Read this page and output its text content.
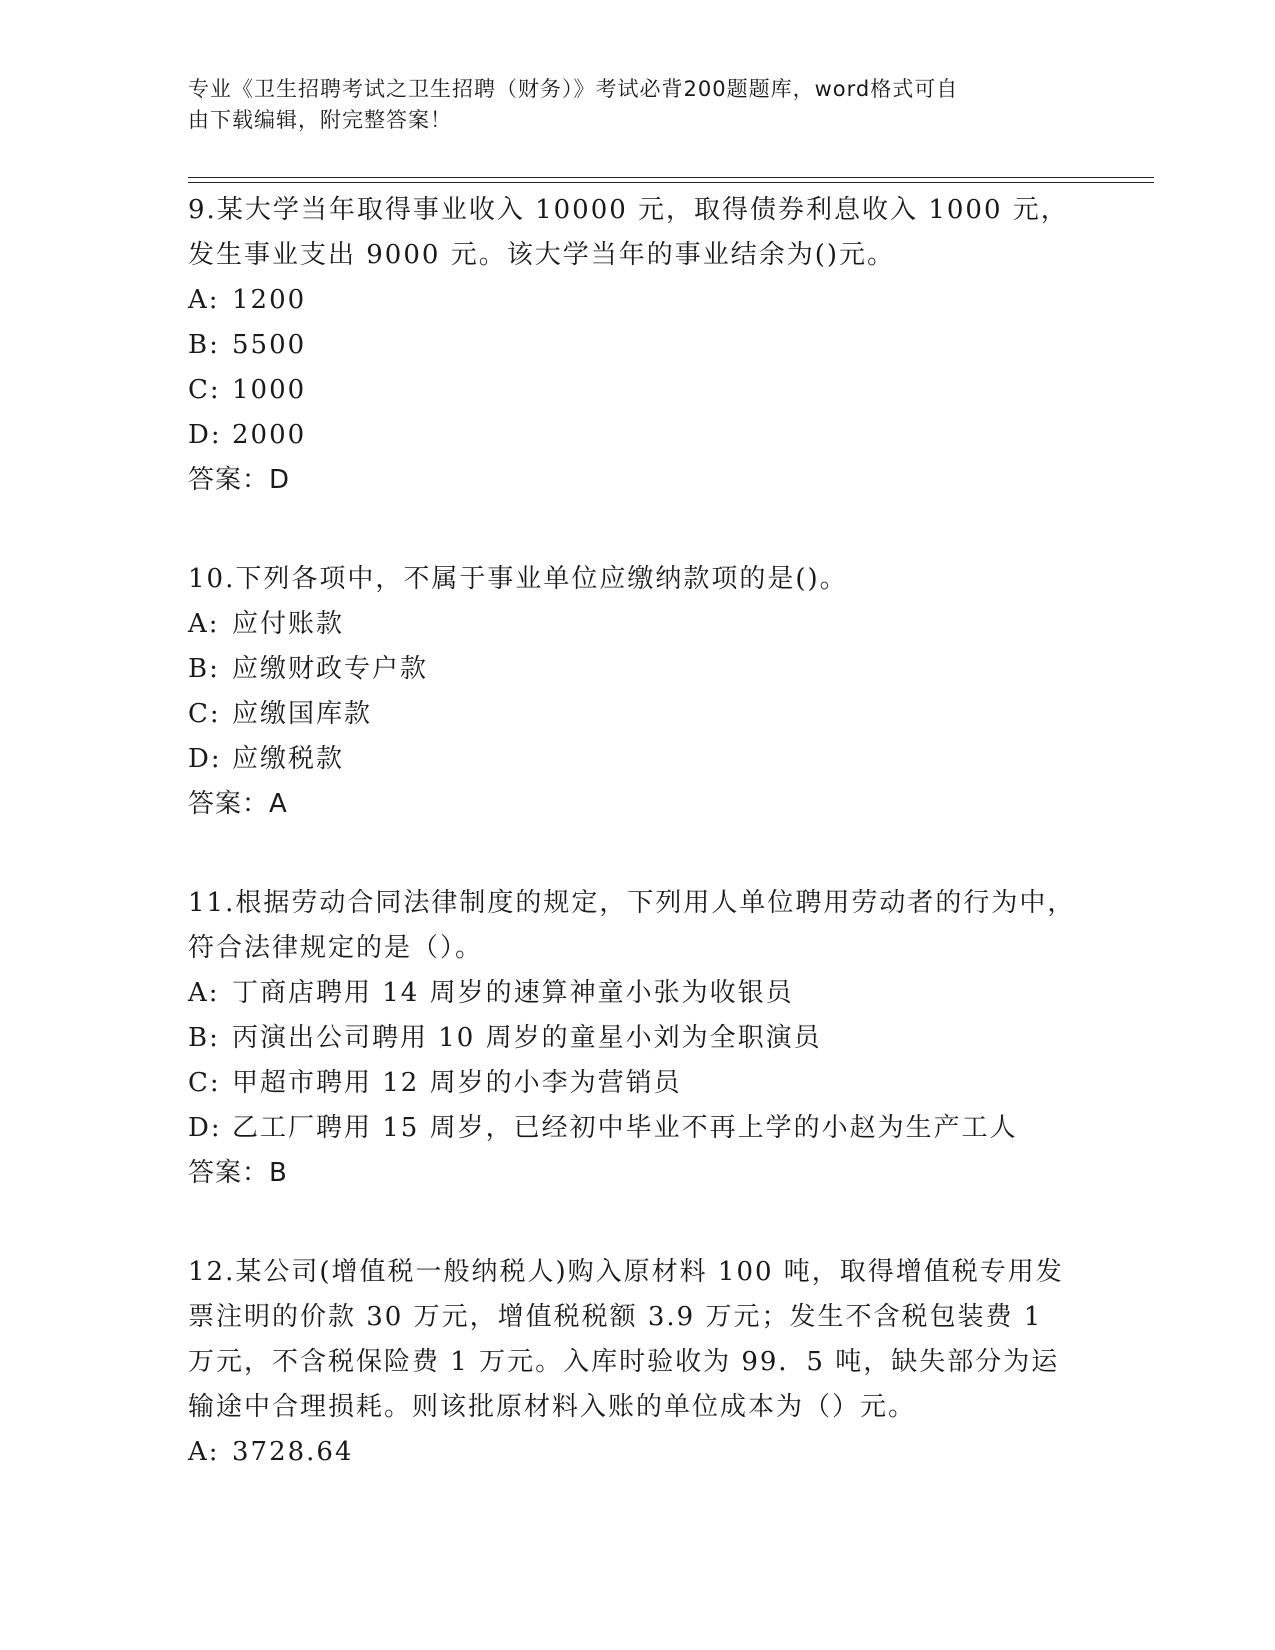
专业《卫生招聘考试之卫生招聘（财务）》考试必背200题题库，word格式可自
由下载编辑，附完整答案！

9.某大学当年取得事业收入 10000 元，取得债券利息收入 1000 元，发生事业支出 9000 元。该大学当年的事业结余为()元。

A: 1200

B: 5500

C: 1000

D: 2000

答案：D

10.下列各项中，不属于事业单位应缴纳款项的是()。

A: 应付账款

B: 应缴财政专户款

C: 应缴国库款

D: 应缴税款

答案：A

11.根据劳动合同法律制度的规定，下列用人单位聘用劳动者的行为中，符合法律规定的是（）。

A: 丁商店聘用 14 周岁的速算神童小张为收银员

B: 丙演出公司聘用 10 周岁的童星小刘为全职演员

C: 甲超市聘用 12 周岁的小李为营销员

D: 乙工厂聘用 15 周岁，已经初中毕业不再上学的小赵为生产工人

答案：B

12.某公司(增值税一般纳税人)购入原材料 100 吨，取得增值税专用发票注明的价款 30 万元，增值税税额 3.9 万元；发生不含税包装费 1 万元，不含税保险费 1 万元。入库时验收为 99．5 吨，缺失部分为运输途中合理损耗。则该批原材料入账的单位成本为（）元。

A: 3728.64
